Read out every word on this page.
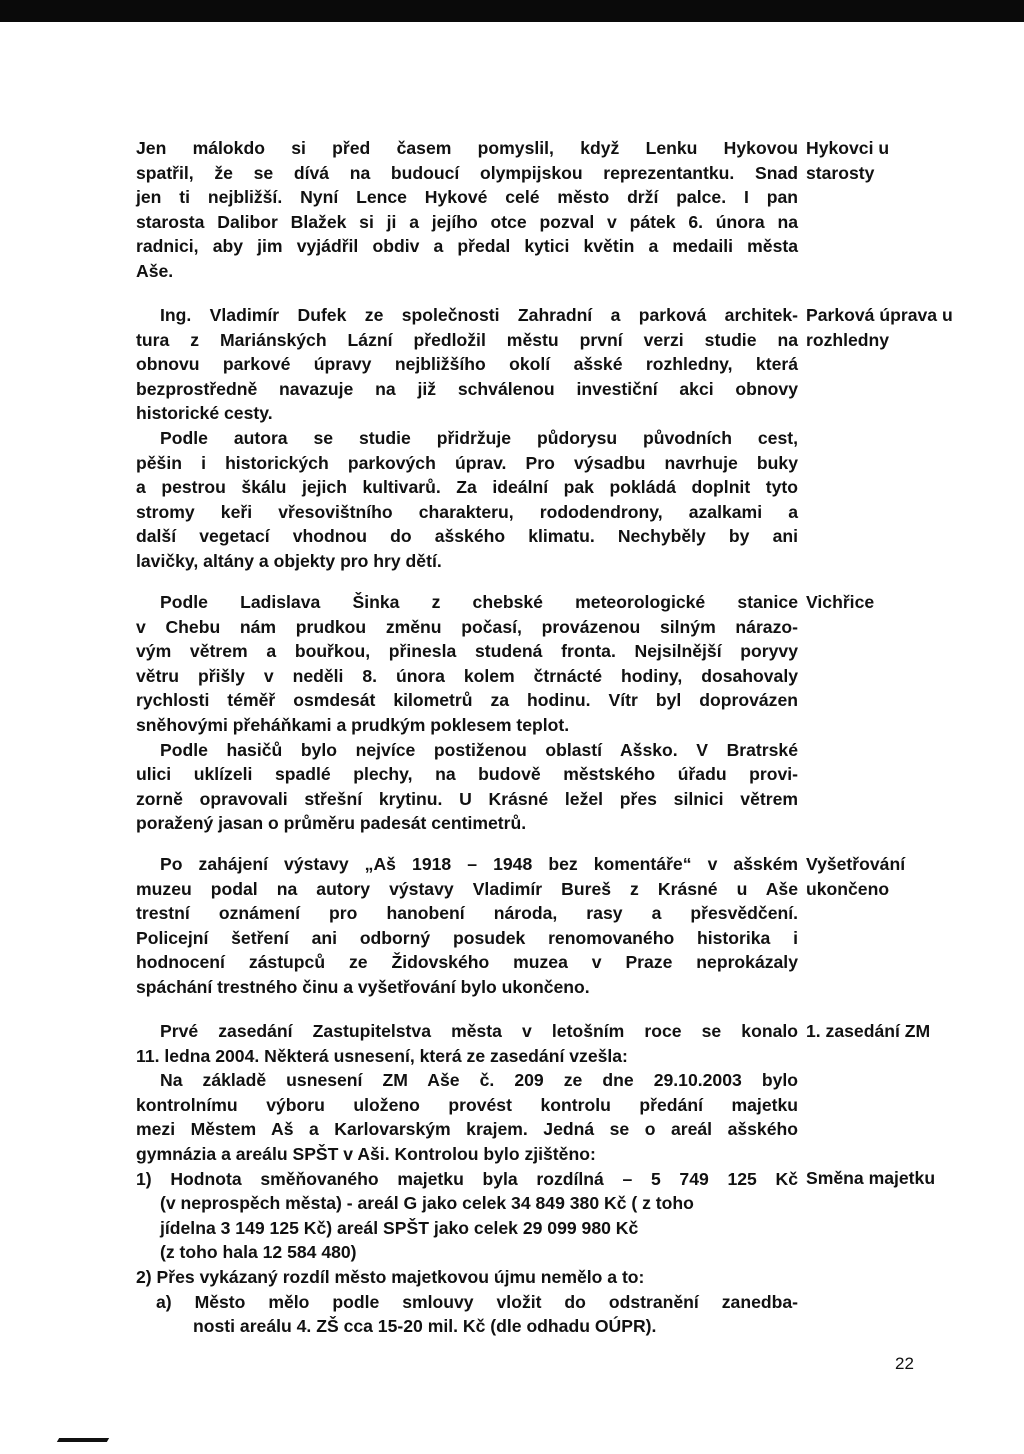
Jen málokdo si před časem pomyslil, když Lenku Hykovou
spatřil, že se dívá na budoucí olympijskou reprezentantku. Snad
jen ti nejbližší. Nyní Lence Hykové celé město drží palce. I pan
starosta Dalibor Blažek si ji a jejího otce pozval v pátek 6. února na
radnici, aby jim vyjádřil obdiv a předal kytici květin a medaili města
Aše.
Ing. Vladimír Dufek ze společnosti Zahradní a parková architek-
tura z Mariánských Lázní předložil městu první verzi studie na
obnovu parkové úpravy nejbližšího okolí ašské rozhledny, která
bezprostředně navazuje na již schválenou investiční akci obnovy
historické cesty.
Podle autora se studie přidržuje půdorysu původních cest,
pěšin i historických parkových úprav. Pro výsadbu navrhuje buky
a pestrou škálu jejich kultivarů. Za ideální pak pokládá doplnit tyto
stromy keři vřesovištního charakteru, rododendrony, azalkami a
další vegetací vhodnou do ašského klimatu. Nechyběly by ani
lavičky, altány a objekty pro hry dětí.
Podle Ladislava Šinka z chebské meteorologické stanice
v Chebu nám prudkou změnu počasí, provázenou silným nárazo-
vým větrem a bouřkou, přinesla studená fronta. Nejsilnější poryvy
větru přišly v neděli 8. února kolem čtrnácté hodiny, dosahovaly
rychlosti téměř osmdesát kilometrů za hodinu. Vítr byl doprovázen
sněhovými přeháňkami a prudkým poklesem teplot.
Podle hasičů bylo nejvíce postiženou oblastí Ašsko. V Bratrské
ulici uklízeli spadlé plechy, na budově městského úřadu provi-
zorně opravovali střešní krytinu. U Krásné ležel přes silnici větrem
poražený jasan o průměru padesát centimetrů.
Po zahájení výstavy „Aš 1918 – 1948 bez komentáře“ v ašském
muzeu podal na autory výstavy Vladimír Bureš z Krásné u Aše
trestní oznámení pro hanobení národa, rasy a přesvědčení.
Policejní šetření ani odborný posudek renomovaného historika i
hodnocení zástupců ze Židovského muzea v Praze neprokázaly
spáchání trestného činu a vyšetřování bylo ukončeno.
Prvé zasedání Zastupitelstva města v letošním roce se konalo
11. ledna 2004. Některá usnesení, která ze zasedání vzešla:
Na základě usnesení ZM Aše č. 209 ze dne 29.10.2003 bylo
kontrolnímu výboru uloženo provést kontrolu předání majetku
mezi Městem Aš a Karlovarským krajem. Jedná se o areál ašského
gymnázia a areálu SPŠT v Aši. Kontrolou bylo zjištěno:
1) Hodnota směňovaného majetku byla rozdílná – 5 749 125 Kč
(v neprospěch města) - areál G jako celek 34 849 380 Kč ( z toho
jídelna 3 149 125 Kč) areál SPŠT jako celek 29 099 980 Kč
(z toho hala 12 584 480)
2) Přes vykázaný rozdíl město majetkovou újmu nemělo a to:
a) Město mělo podle smlouvy vložit do odstranění zanedba-
nosti areálu 4. ZŠ cca 15-20 mil. Kč (dle odhadu OÚPR).
Hykovci u
starosty
Parková úprava u
rozhledny
Vichřice
Vyšetřování
ukončeno
1. zasedání ZM
Směna majetku
22
